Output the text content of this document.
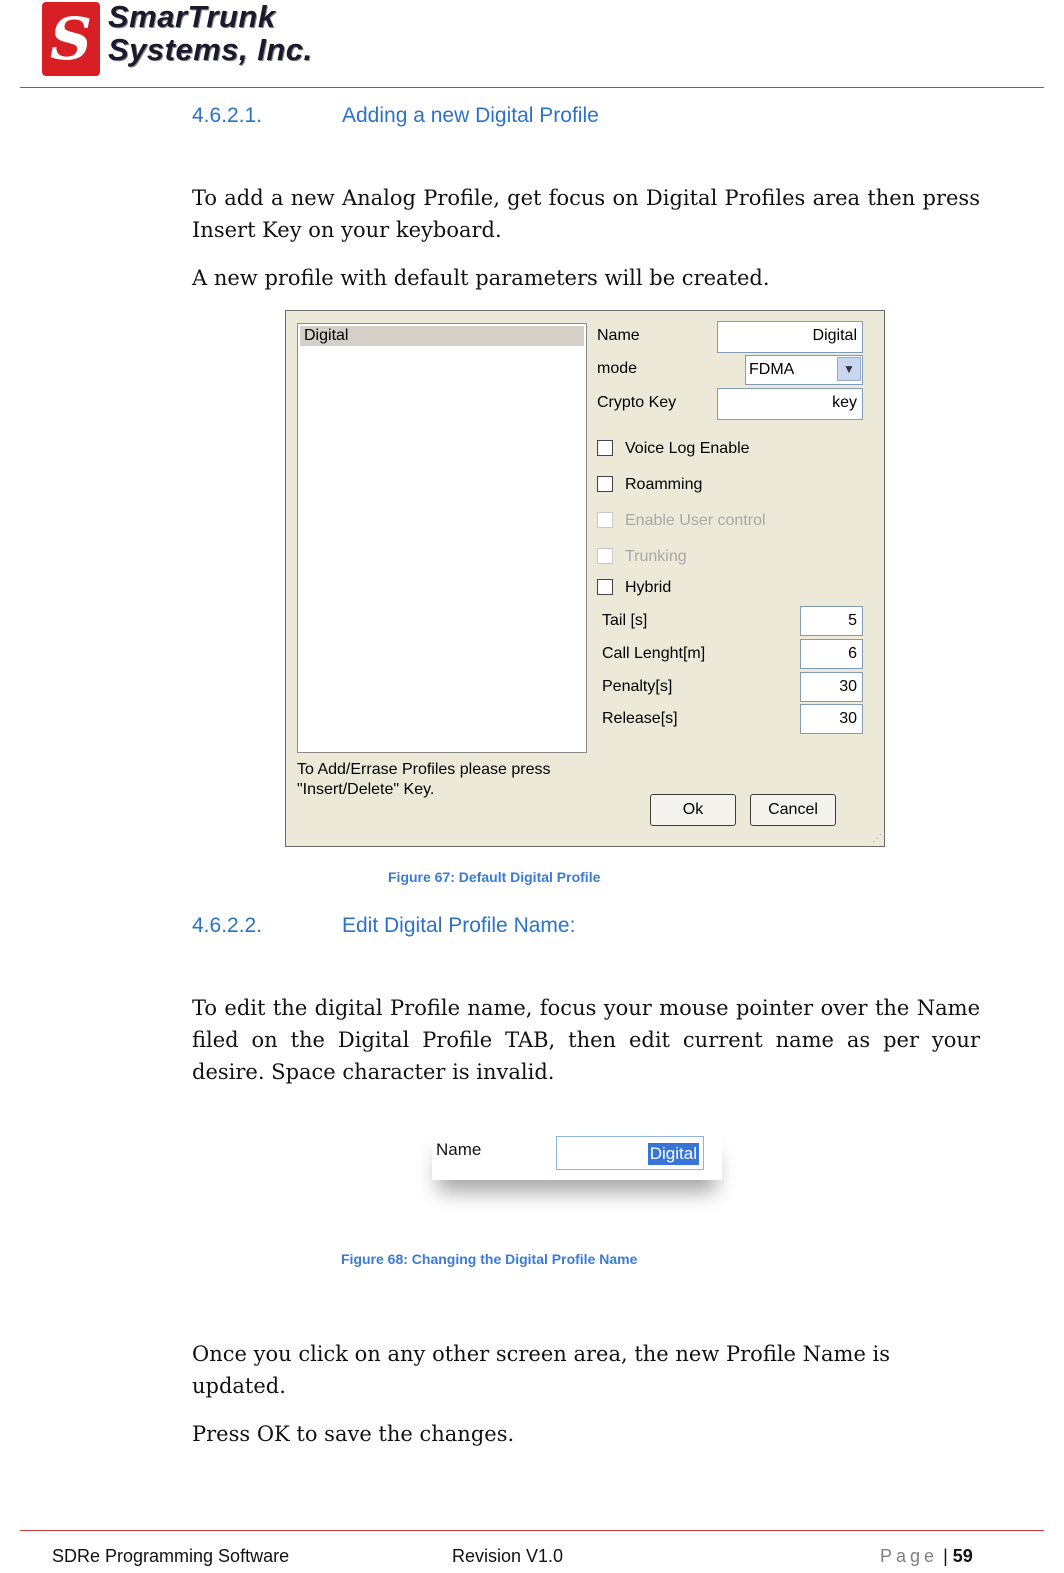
S SmarTrunk
Systems, Inc.
4.6.2.1.	Adding a new Digital Profile
To add a new Analog Profile, get focus on Digital Profiles area then press Insert Key on your keyboard.
A new profile with default parameters will be created.
Digital
To Add/Errase Profiles please press "Insert/Delete" Key.
Name	Digital
mode	FDMA	▼
Crypto Key	key
Voice Log Enable
Roamming
Enable User control
Trunking
Hybrid
Tail [s]	5
Call Lenght[m]	6
Penalty[s]	30
Release[s]	30
Ok	Cancel
⋰
Figure 67: Default Digital Profile
4.6.2.2.	Edit Digital Profile Name:
To edit the digital Profile name, focus your mouse pointer over the Name filed on the Digital Profile TAB, then edit current name as per your desire. Space character is invalid.
Name	Digital
Figure 68: Changing the Digital Profile Name
Once you click on any other screen area, the new Profile Name is updated.
Press OK to save the changes.
SDRe Programming Software	Revision V1.0	Page | 59
